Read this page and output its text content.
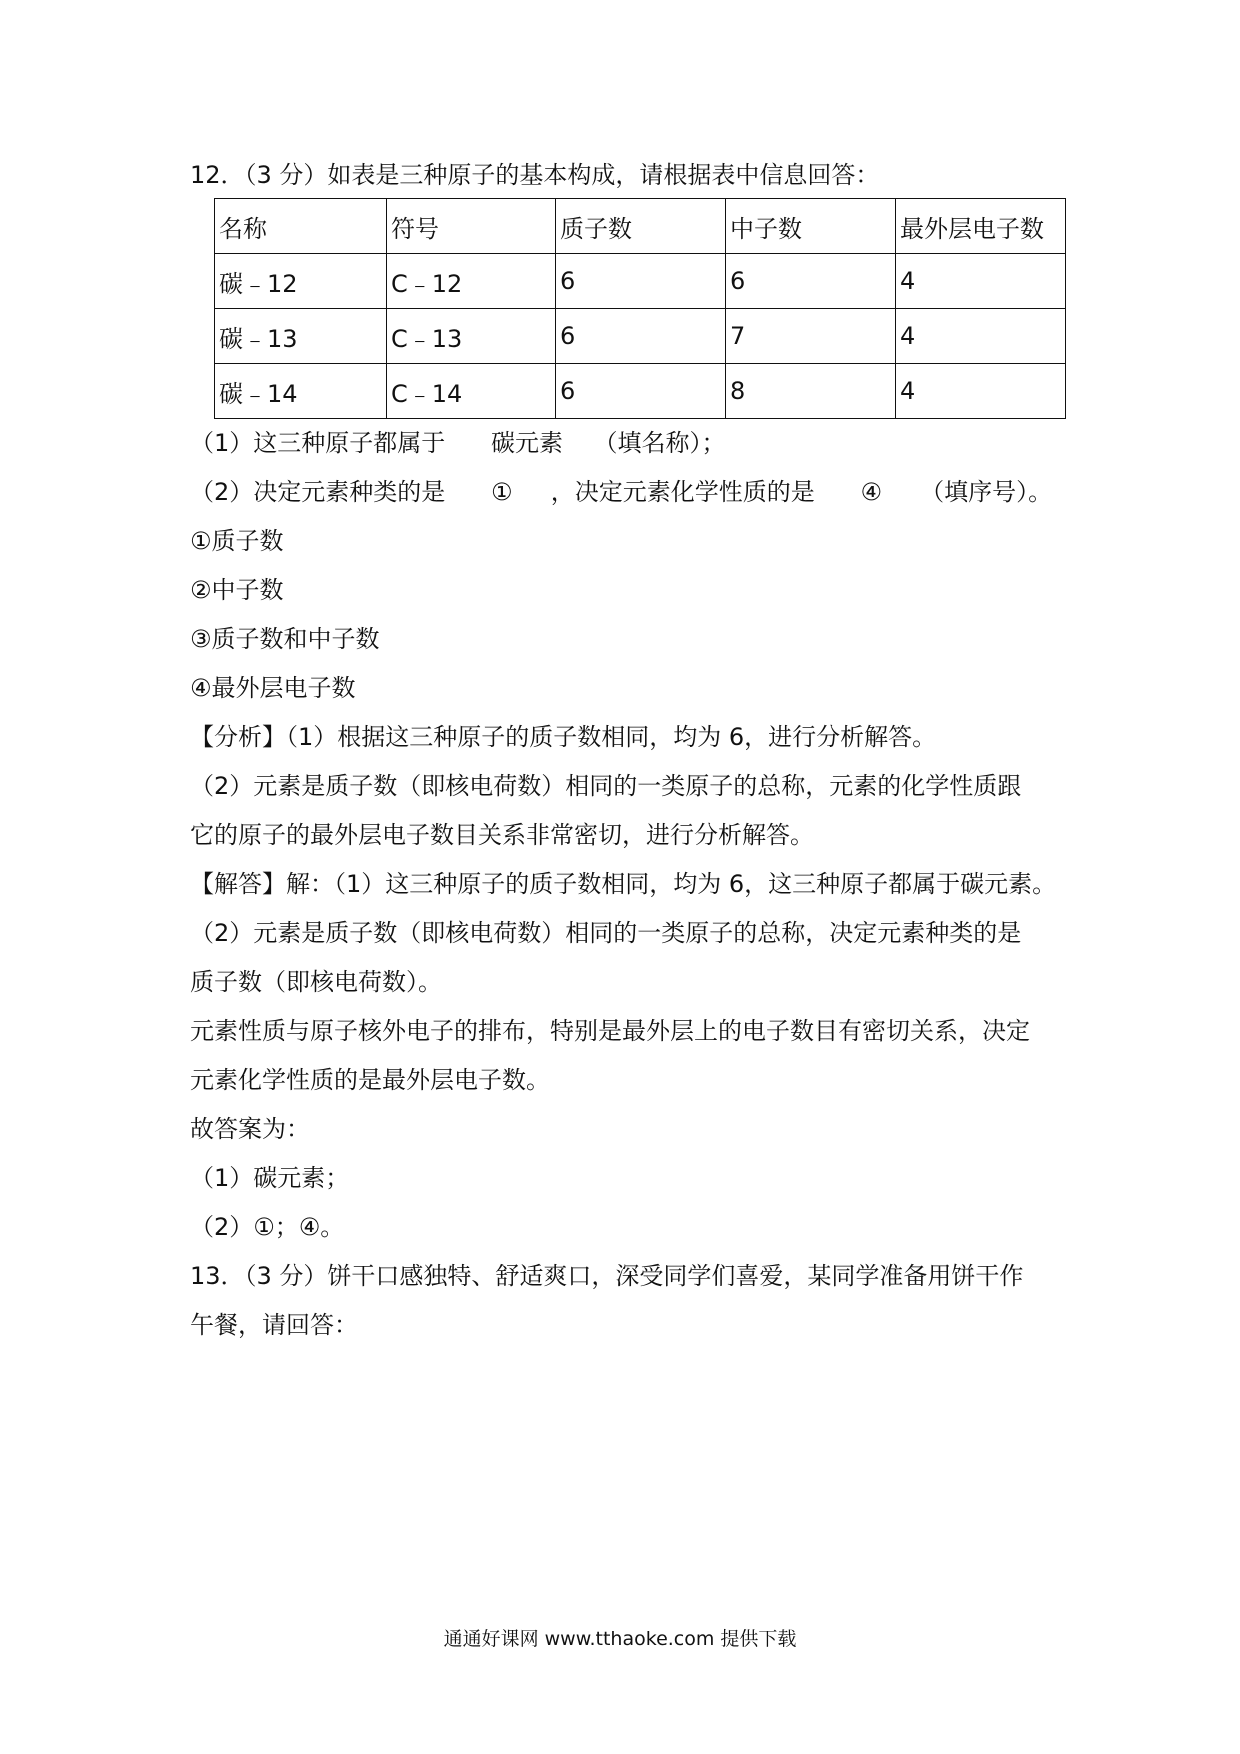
12．（3 分）如表是三种原子的基本构成，请根据表中信息回答：
名称	符号	质子数	中子数	最外层电子数
碳﹣12	C﹣12	6	6	4
碳﹣13	C﹣13	6	7	4
碳﹣14	C﹣14	6	8	4
（1）这三种原子都属于      碳元素    （填名称）；
（2）决定元素种类的是      ①     ，决定元素化学性质的是      ④     （填序号）。
①质子数
②中子数
③质子数和中子数
④最外层电子数
【分析】（1）根据这三种原子的质子数相同，均为 6，进行分析解答。
（2）元素是质子数（即核电荷数）相同的一类原子的总称，元素的化学性质跟
它的原子的最外层电子数目关系非常密切，进行分析解答。
【解答】解：（1）这三种原子的质子数相同，均为 6，这三种原子都属于碳元素。
（2）元素是质子数（即核电荷数）相同的一类原子的总称，决定元素种类的是
质子数（即核电荷数）。
元素性质与原子核外电子的排布，特别是最外层上的电子数目有密切关系，决定
元素化学性质的是最外层电子数。
故答案为：
（1）碳元素；
（2）①；④。
13．（3 分）饼干口感独特、舒适爽口，深受同学们喜爱，某同学准备用饼干作
午餐，请回答：
通通好课网 www.tthaoke.com 提供下载
